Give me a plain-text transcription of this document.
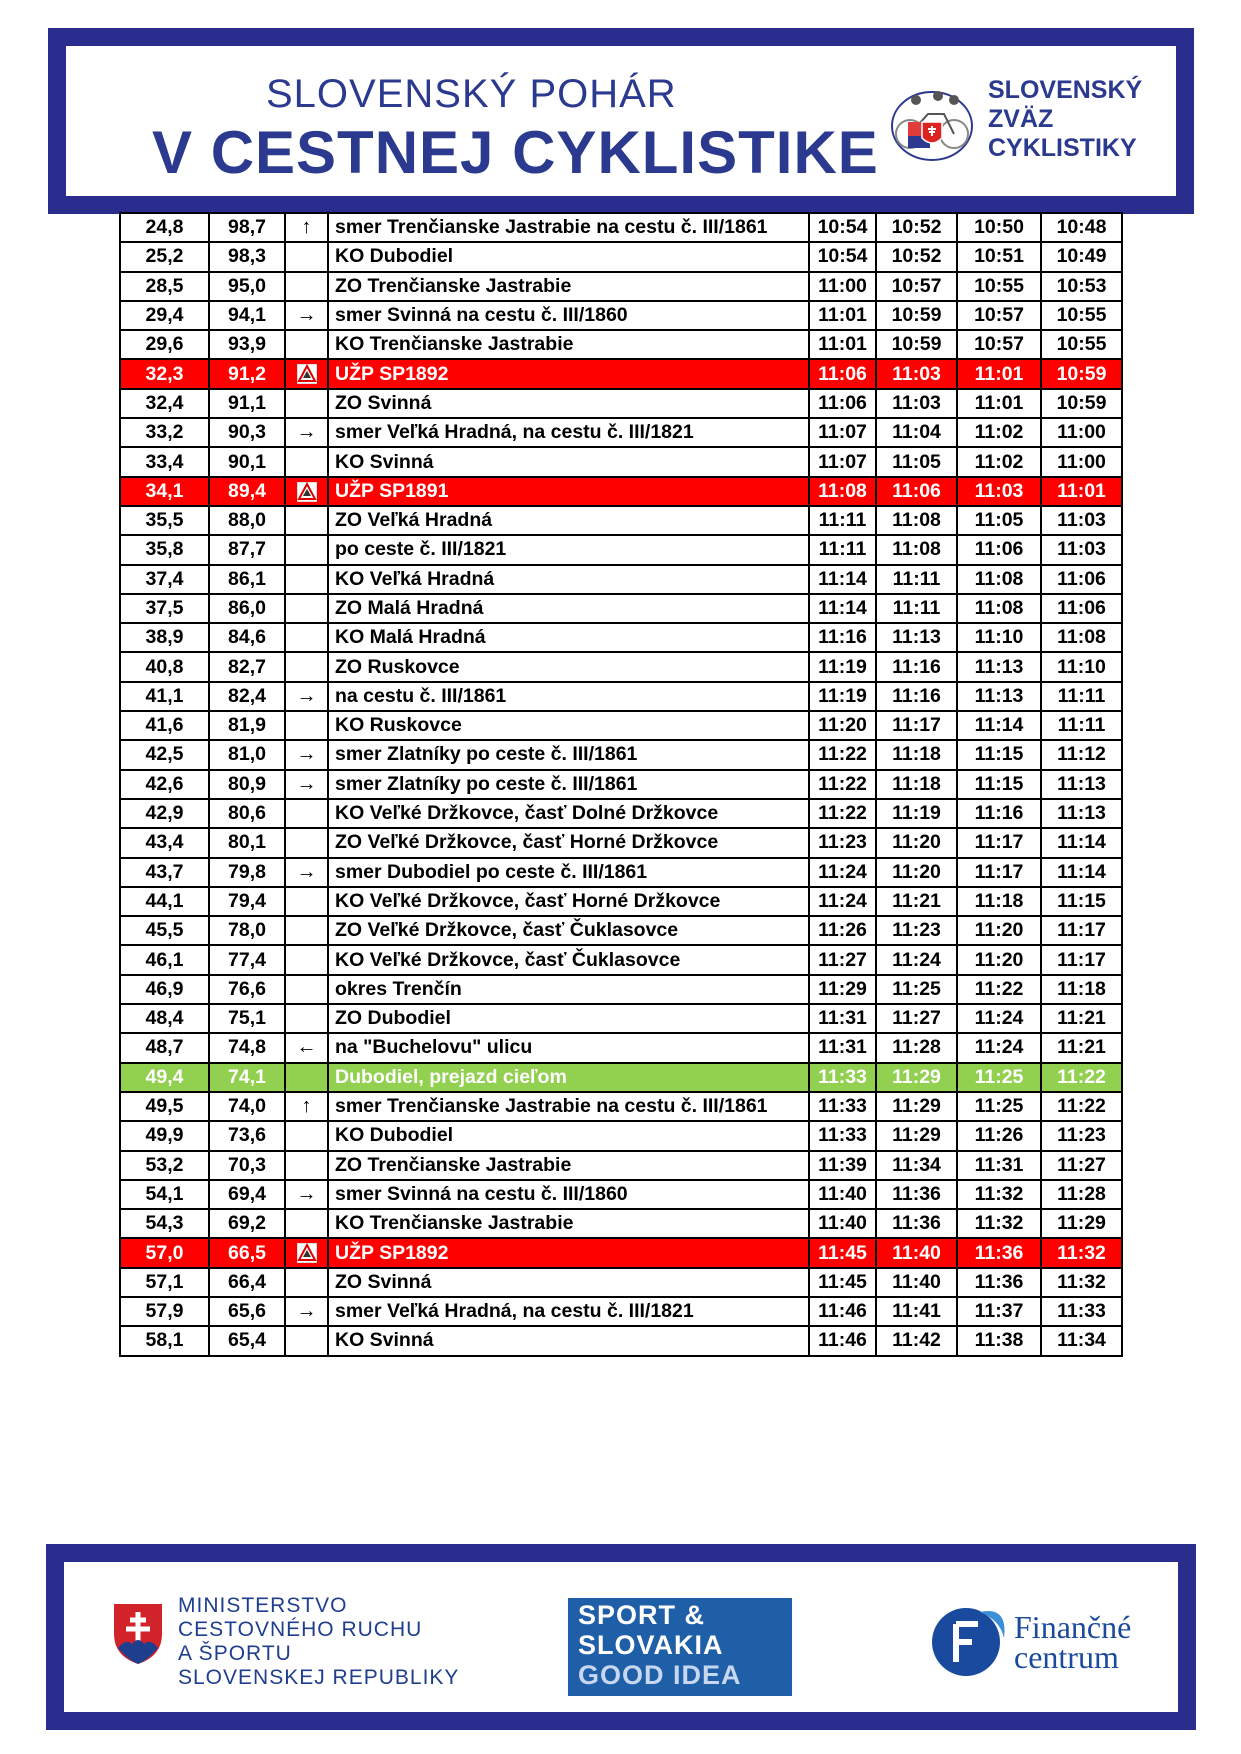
SLOVENSKÝ POHÁR
V CESTNEJ CYKLISTIKE
SLOVENSKÝ
ZVÄZ
CYKLISTIKY
24,8	98,7	↑	smer Trenčianske Jastrabie na cestu č. III/1861	10:54	10:52	10:50	10:48
25,2	98,3		KO Dubodiel	10:54	10:52	10:51	10:49
28,5	95,0		ZO Trenčianske Jastrabie	11:00	10:57	10:55	10:53
29,4	94,1	→	smer Svinná na cestu č. III/1860	11:01	10:59	10:57	10:55
29,6	93,9		KO Trenčianske Jastrabie	11:01	10:59	10:57	10:55
32,3	91,2		UŽP SP1892	11:06	11:03	11:01	10:59
32,4	91,1		ZO Svinná	11:06	11:03	11:01	10:59
33,2	90,3	→	smer Veľká Hradná, na cestu č. III/1821	11:07	11:04	11:02	11:00
33,4	90,1		KO Svinná	11:07	11:05	11:02	11:00
34,1	89,4		UŽP SP1891	11:08	11:06	11:03	11:01
35,5	88,0		ZO Veľká Hradná	11:11	11:08	11:05	11:03
35,8	87,7		po ceste č. III/1821	11:11	11:08	11:06	11:03
37,4	86,1		KO Veľká Hradná	11:14	11:11	11:08	11:06
37,5	86,0		ZO Malá Hradná	11:14	11:11	11:08	11:06
38,9	84,6		KO Malá Hradná	11:16	11:13	11:10	11:08
40,8	82,7		ZO Ruskovce	11:19	11:16	11:13	11:10
41,1	82,4	→	na cestu č. III/1861	11:19	11:16	11:13	11:11
41,6	81,9		KO Ruskovce	11:20	11:17	11:14	11:11
42,5	81,0	→	smer Zlatníky po ceste č. III/1861	11:22	11:18	11:15	11:12
42,6	80,9	→	smer Zlatníky po ceste č. III/1861	11:22	11:18	11:15	11:13
42,9	80,6		KO Veľké Držkovce, časť Dolné Držkovce	11:22	11:19	11:16	11:13
43,4	80,1		ZO Veľké Držkovce, časť Horné Držkovce	11:23	11:20	11:17	11:14
43,7	79,8	→	smer Dubodiel po ceste č. III/1861	11:24	11:20	11:17	11:14
44,1	79,4		KO Veľké Držkovce, časť Horné Držkovce	11:24	11:21	11:18	11:15
45,5	78,0		ZO Veľké Držkovce, časť Čuklasovce	11:26	11:23	11:20	11:17
46,1	77,4		KO Veľké Držkovce, časť Čuklasovce	11:27	11:24	11:20	11:17
46,9	76,6		okres Trenčín	11:29	11:25	11:22	11:18
48,4	75,1		ZO Dubodiel	11:31	11:27	11:24	11:21
48,7	74,8	←	na "Buchelovu" ulicu	11:31	11:28	11:24	11:21
49,4	74,1		Dubodiel, prejazd cieľom	11:33	11:29	11:25	11:22
49,5	74,0	↑	smer Trenčianske Jastrabie na cestu č. III/1861	11:33	11:29	11:25	11:22
49,9	73,6		KO Dubodiel	11:33	11:29	11:26	11:23
53,2	70,3		ZO Trenčianske Jastrabie	11:39	11:34	11:31	11:27
54,1	69,4	→	smer Svinná na cestu č. III/1860	11:40	11:36	11:32	11:28
54,3	69,2		KO Trenčianske Jastrabie	11:40	11:36	11:32	11:29
57,0	66,5		UŽP SP1892	11:45	11:40	11:36	11:32
57,1	66,4		ZO Svinná	11:45	11:40	11:36	11:32
57,9	65,6	→	smer Veľká Hradná, na cestu č. III/1821	11:46	11:41	11:37	11:33
58,1	65,4		KO Svinná	11:46	11:42	11:38	11:34
MINISTERSTVO
CESTOVNÉHO RUCHU
A ŠPORTU
SLOVENSKEJ REPUBLIKY
SPORT &
SLOVAKIA
GOOD IDEA
Finančné
centrum
